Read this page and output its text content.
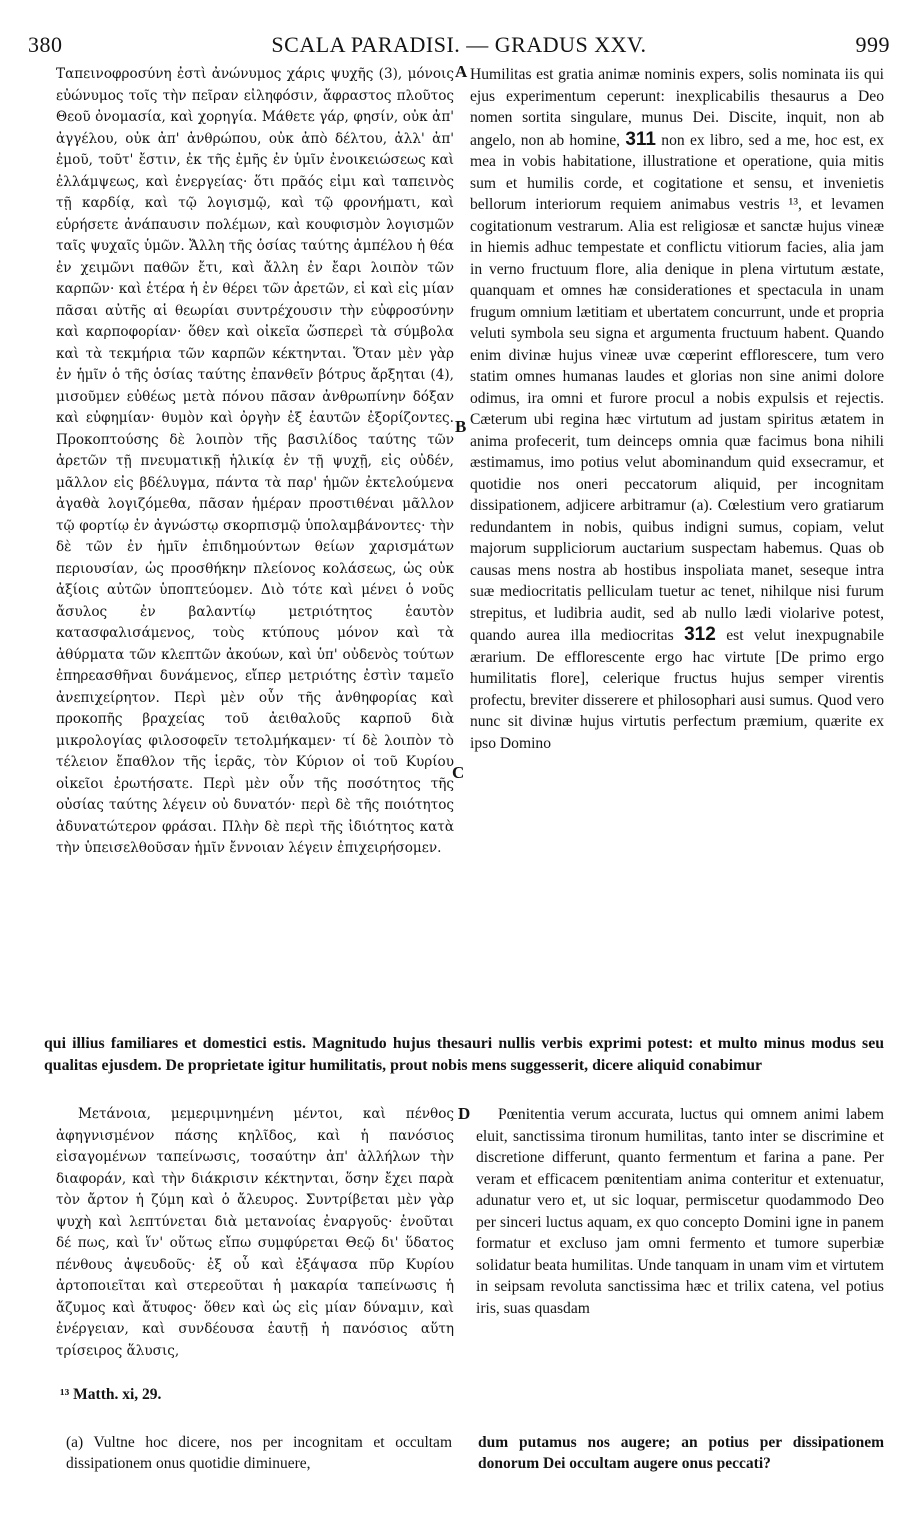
380	SCALA PARADISI. — GRADUS XXV.	999

Ταπεινοφροσύνη ἐστὶ ἀνώνυμος χάρις ψυχῆς (3), μόνοις εὐώνυμος τοῖς τὴν πεῖραν εἰληφόσιν, ἄφραστος πλοῦτος Θεοῦ ὀνομασία, καὶ χορηγία. Μάθετε γάρ, φησίν, οὐκ ἀπ' ἀγγέλου, οὐκ ἀπ' ἀνθρώπου, οὐκ ἀπὸ δέλτου, ἀλλ' ἀπ' ἐμοῦ, τοῦτ' ἔστιν, ἐκ τῆς ἐμῆς ἐν ὑμῖν ἐνοικειώσεως καὶ ἐλλάμψεως, καὶ ἐνεργείας· ὅτι πρᾶός εἰμι καὶ ταπεινὸς τῇ καρδίᾳ, καὶ τῷ λογισμῷ, καὶ τῷ φρονήματι, καὶ εὑρήσετε ἀνάπαυσιν πολέμων, καὶ κουφισμὸν λογισμῶν ταῖς ψυχαῖς ὑμῶν. Ἄλλη τῆς ὁσίας ταύτης ἀμπέλου ἡ θέα ἐν χειμῶνι παθῶν ἔτι, καὶ ἄλλη ἐν ἔαρι λοιπὸν τῶν καρπῶν· καὶ ἑτέρα ἡ ἐν θέρει τῶν ἀρετῶν, εἰ καὶ εἰς μίαν πᾶσαι αὐτῆς αἱ θεωρίαι συντρέχουσιν τὴν εὐφροσύνην καὶ καρποφορίαν· ὅθεν καὶ οἰκεῖα ὥσπερεὶ τὰ σύμβολα καὶ τὰ τεκμήρια τῶν καρπῶν κέκτηνται. Ὅταν μὲν γὰρ ἐν ἡμῖν ὁ τῆς ὁσίας ταύτης ἐπανθεῖν βότρυς ἄρξηται (4), μισοῦμεν εὐθέως μετὰ πόνου πᾶσαν ἀνθρωπίνην δόξαν καὶ εὐφημίαν· θυμὸν καὶ ὀργὴν ἐξ ἑαυτῶν ἐξορίζοντες. Προκοπτούσης δὲ λοιπὸν τῆς βασιλίδος ταύτης τῶν ἀρετῶν τῇ πνευματικῇ ἡλικίᾳ ἐν τῇ ψυχῇ, εἰς οὐδέν, μᾶλλον εἰς βδέλυγμα, πάντα τὰ παρ' ἡμῶν ἐκτελούμενα ἀγαθὰ λογιζόμεθα, πᾶσαν ἡμέραν προστιθέναι μᾶλλον τῷ φορτίῳ ἐν ἀγνώστῳ σκορπισμῷ ὑπολαμβάνοντες· τὴν δὲ τῶν ἐν ἡμῖν ἐπιδημούντων θείων χαρισμάτων περιουσίαν, ὡς προσθήκην πλείονος κολάσεως, ὡς οὐκ ἀξίοις αὐτῶν ὑποπτεύομεν. Διὸ τότε καὶ μένει ὁ νοῦς ἄσυλος ἐν βαλαντίῳ μετριότητος ἑαυτὸν κατασφαλισάμενος, τοὺς κτύπους μόνον καὶ τὰ ἀθύρματα τῶν κλεπτῶν ἀκούων, καὶ ὑπ' οὐδενὸς τούτων ἐπηρεασθῆναι δυνάμενος, εἴπερ μετριότης ἐστὶν ταμεῖο ἀνεπιχείρητον. Περὶ μὲν οὖν τῆς ἀνθηφορίας καὶ προκοπῆς βραχείας τοῦ ἀειθαλοῦς καρποῦ διὰ μικρολογίας φιλοσοφεῖν τετολμήκαμεν· τί δὲ λοιπὸν τὸ τέλειον ἔπαθλον τῆς ἱερᾶς, τὸν Κύριον οἱ τοῦ Κυρίου οἰκεῖοι ἐρωτήσατε. Περὶ μὲν οὖν τῆς ποσότητος τῆς οὐσίας ταύτης λέγειν οὐ δυνατόν· περὶ δὲ τῆς ποιότητος ἀδυνατώτερον φράσαι. Πλὴν δὲ περὶ τῆς ἰδιότητος κατὰ τὴν ὑπεισελθοῦσαν ἡμῖν ἔννοιαν λέγειν ἐπιχειρήσομεν.

A
B
C

Humilitas est gratia animæ nominis expers, solis nominata iis qui ejus experimentum ceperunt: inexplicabilis thesaurus a Deo nomen sortita singulare, munus Dei. Discite, inquit, non ab angelo, non ab homine, 311 non ex libro, sed a me, hoc est, ex mea in vobis habitatione, illustratione et operatione, quia mitis sum et humilis corde, et cogitatione et sensu, et invenietis bellorum interiorum requiem animabus vestris ¹³, et levamen cogitationum vestrarum. Alia est religiosæ et sanctæ hujus vineæ in hiemis adhuc tempestate et conflictu vitiorum facies, alia jam in verno fructuum flore, alia denique in plena virtutum æstate, quanquam et omnes hæ considerationes et spectacula in unam frugum omnium lætitiam et ubertatem concurrunt, unde et propria veluti symbola seu signa et argumenta fructuum habent. Quando enim divinæ hujus vineæ uvæ cœperint efflorescere, tum vero statim omnes humanas laudes et glorias non sine animi dolore odimus, ira omni et furore procul a nobis expulsis et rejectis. Cæterum ubi regina hæc virtutum ad justam spiritus ætatem in anima profecerit, tum deinceps omnia quæ facimus bona nihili æstimamus, imo potius velut abominandum quid exsecramur, et quotidie nos oneri peccatorum aliquid, per incognitam dissipationem, adjicere arbitramur (a). Cœlestium vero gratiarum redundantem in nobis, quibus indigni sumus, copiam, velut majorum suppliciorum auctarium suspectam habemus. Quas ob causas mens nostra ab hostibus inspoliata manet, seseque intra suæ mediocritatis pelliculam tuetur ac tenet, nihilque nisi furum strepitus, et ludibria audit, sed ab nullo lædi violarive potest, quando aurea illa mediocritas 312 est velut inexpugnabile ærarium. De efflorescente ergo hac virtute [De primo ergo humilitatis flore], celerique fructus hujus semper virentis profectu, breviter disserere et philosophari ausi sumus. Quod vero nunc sit divinæ hujus virtutis perfectum præmium, quærite ex ipso Domino

qui illius familiares et domestici estis. Magnitudo hujus thesauri nullis verbis exprimi potest: et multo minus modus seu qualitas ejusdem. De proprietate igitur humilitatis, prout nobis mens suggesserit, dicere aliquid conabimur

D

Μετάνοια, μεμεριμνημένη μέντοι, καὶ πένθος ἀφηγνισμένον πάσης κηλῖδος, καὶ ἡ πανόσιος εἰσαγομένων ταπείνωσις, τοσαύτην ἀπ' ἀλλήλων τὴν διαφοράν, καὶ τὴν διάκρισιν κέκτηνται, ὅσην ἔχει παρὰ τὸν ἄρτον ἡ ζύμη καὶ ὁ ἄλευρος. Συντρίβεται μὲν γὰρ ψυχὴ καὶ λεπτύνεται διὰ μετανοίας ἐναργοῦς· ἑνοῦται δέ πως, καὶ ἵν' οὕτως εἴπω συμφύρεται Θεῷ δι' ὕδατος πένθους ἀψευδοῦς· ἐξ οὗ καὶ ἐξάψασα πῦρ Κυρίου ἀρτοποιεῖται καὶ στερεοῦται ἡ μακαρία ταπείνωσις ἡ ἄζυμος καὶ ἄτυφος· ὅθεν καὶ ὡς εἰς μίαν δύναμιν, καὶ ἐνέργειαν, καὶ συνδέουσα ἑαυτῇ ἡ πανόσιος αὕτη τρίσειρος ἅλυσις,

Pœnitentia verum accurata, luctus qui omnem animi labem eluit, sanctissima tironum humilitas, tanto inter se discrimine et discretione differunt, quanto fermentum et farina a pane. Per veram et efficacem pœnitentiam anima conteritur et extenuatur, adunatur vero et, ut sic loquar, permiscetur quodammodo Deo per sinceri luctus aquam, ex quo concepto Domini igne in panem formatur et excluso jam omni fermento et tumore superbiæ solidatur beata humilitas. Unde tanquam in unam vim et virtutem in seipsam revoluta sanctissima hæc et trilix catena, vel potius iris, suas quasdam

¹³ Matth. xi, 29.
(a) Vultne hoc dicere, nos per incognitam et occultam dissipationem onus quotidie diminuere,
dum putamus nos augere; an potius per dissipationem donorum Dei occultam augere onus peccati?
